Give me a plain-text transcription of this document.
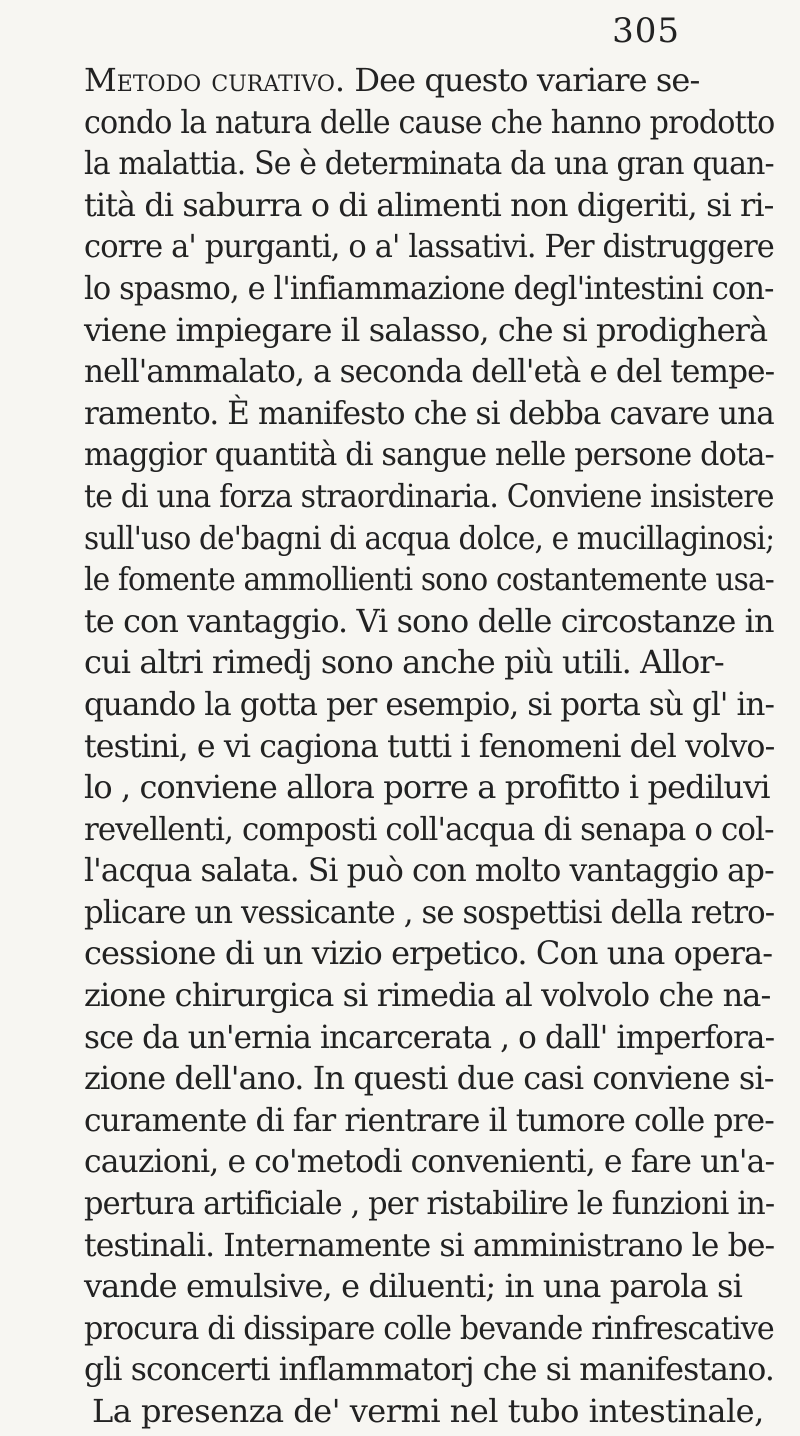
305
Metodo curativo. Dee questo variare se-
condo la natura delle cause che hanno prodotto
la malattia. Se è determinata da una gran quan-
tità di saburra o di alimenti non digeriti, si ri-
corre a' purganti, o a' lassativi. Per distruggere
lo spasmo, e l'infiammazione degl'intestini con-
viene impiegare il salasso, che si prodigherà
nell'ammalato, a seconda dell'età e del tempe-
ramento. È manifesto che si debba cavare una
maggior quantità di sangue nelle persone dota-
te di una forza straordinaria. Conviene insistere
sull'uso de'bagni di acqua dolce, e mucillaginosi;
le fomente ammollienti sono costantemente usa-
te con vantaggio. Vi sono delle circostanze in
cui altri rimedj sono anche più utili. Allor-
quando la gotta per esempio, si porta sù gl' in-
testini, e vi cagiona tutti i fenomeni del volvo-
lo , conviene allora porre a profitto i pediluvi
revellenti, composti coll'acqua di senapa o col-
l'acqua salata. Si può con molto vantaggio ap-
plicare un vessicante , se sospettisi della retro-
cessione di un vizio erpetico. Con una opera-
zione chirurgica si rimedia al volvolo che na-
sce da un'ernia incarcerata , o dall' imperfora-
zione dell'ano. In questi due casi conviene si-
curamente di far rientrare il tumore colle pre-
cauzioni, e co'metodi convenienti, e fare un'a-
pertura artificiale , per ristabilire le funzioni in-
testinali. Internamente si amministrano le be-
vande emulsive, e diluenti; in una parola si
procura di dissipare colle bevande rinfrescative
gli sconcerti inflammatorj che si manifestano.
La presenza de' vermi nel tubo intestinale,
